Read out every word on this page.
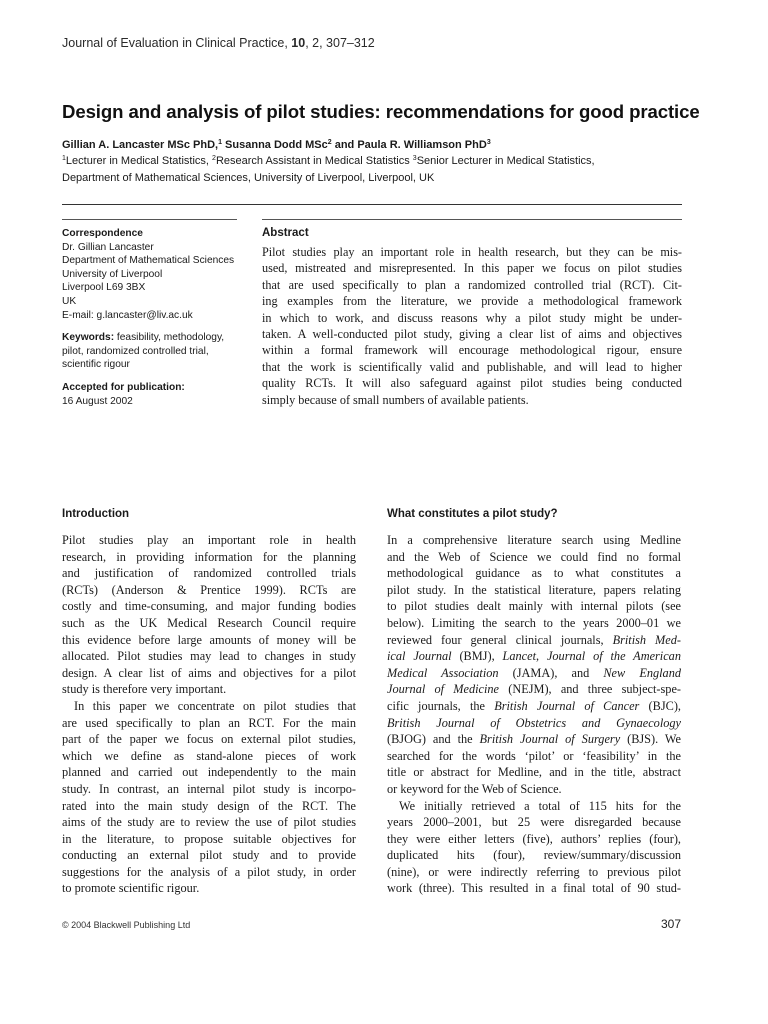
Journal of Evaluation in Clinical Practice, 10, 2, 307–312
Design and analysis of pilot studies: recommendations for good practice
Gillian A. Lancaster MSc PhD,$^1$ Susanna Dodd MSc$^2$ and Paula R. Williamson PhD$^3$
$^1$Lecturer in Medical Statistics, $^2$Research Assistant in Medical Statistics $^3$Senior Lecturer in Medical Statistics,
Department of Mathematical Sciences, University of Liverpool, Liverpool, UK

Correspondence

Dr. Gillian Lancaster

Department of Mathematical Sciences

University of Liverpool

Liverpool L69 3BX

UK

E-mail: g.lancaster@liv.ac.uk

Keywords: feasibility, methodology,

pilot, randomized controlled trial,

scientific rigour

Accepted for publication:

16 August 2002

Abstract
Pilot studies play an important role in health research, but they can be mis-
used, mistreated and misrepresented. In this paper we focus on pilot studies
that are used specifically to plan a randomized controlled trial (RCT). Cit-
ing examples from the literature, we provide a methodological framework
in which to work, and discuss reasons why a pilot study might be under-
taken. A well-conducted pilot study, giving a clear list of aims and objectives
within a formal framework will encourage methodological rigour, ensure
that the work is scientifically valid and publishable, and will lead to higher
quality RCTs. It will also safeguard against pilot studies being conducted
simply because of small numbers of available patients.
Introduction	What constitutes a pilot study?
Pilot studies play an important role in health
research, in providing information for the planning
and justification of randomized controlled trials
(RCTs) (Anderson & Prentice 1999). RCTs are
costly and time-consuming, and major funding bodies
such as the UK Medical Research Council require
this evidence before large amounts of money will be
allocated. Pilot studies may lead to changes in study
design. A clear list of aims and objectives for a pilot
study is therefore very important.
In this paper we concentrate on pilot studies that
are used specifically to plan an RCT. For the main
part of the paper we focus on external pilot studies,
which we define as stand-alone pieces of work
planned and carried out independently to the main
study. In contrast, an internal pilot study is incorpo-
rated into the main study design of the RCT. The
aims of the study are to review the use of pilot studies
in the literature, to propose suitable objectives for
conducting an external pilot study and to provide
suggestions for the analysis of a pilot study, in order
to promote scientific rigour.
In a comprehensive literature search using Medline
and the Web of Science we could find no formal
methodological guidance as to what constitutes a
pilot study. In the statistical literature, papers relating
to pilot studies dealt mainly with internal pilots (see
below). Limiting the search to the years 2000–01 we
reviewed four general clinical journals, British Med-
ical Journal (BMJ), Lancet, Journal of the American
Medical Association (JAMA), and New England
Journal of Medicine (NEJM), and three subject-spe-
cific journals, the British Journal of Cancer (BJC),
British Journal of Obstetrics and Gynaecology
(BJOG) and the British Journal of Surgery (BJS). We
searched for the words ‘pilot’ or ‘feasibility’ in the
title or abstract for Medline, and in the title, abstract
or keyword for the Web of Science.
We initially retrieved a total of 115 hits for the
years 2000–2001, but 25 were disregarded because
they were either letters (five), authors’ replies (four),
duplicated hits (four), review/summary/discussion
(nine), or were indirectly referring to previous pilot
work (three). This resulted in a final total of 90 stud-
© 2004 Blackwell Publishing Ltd	307
